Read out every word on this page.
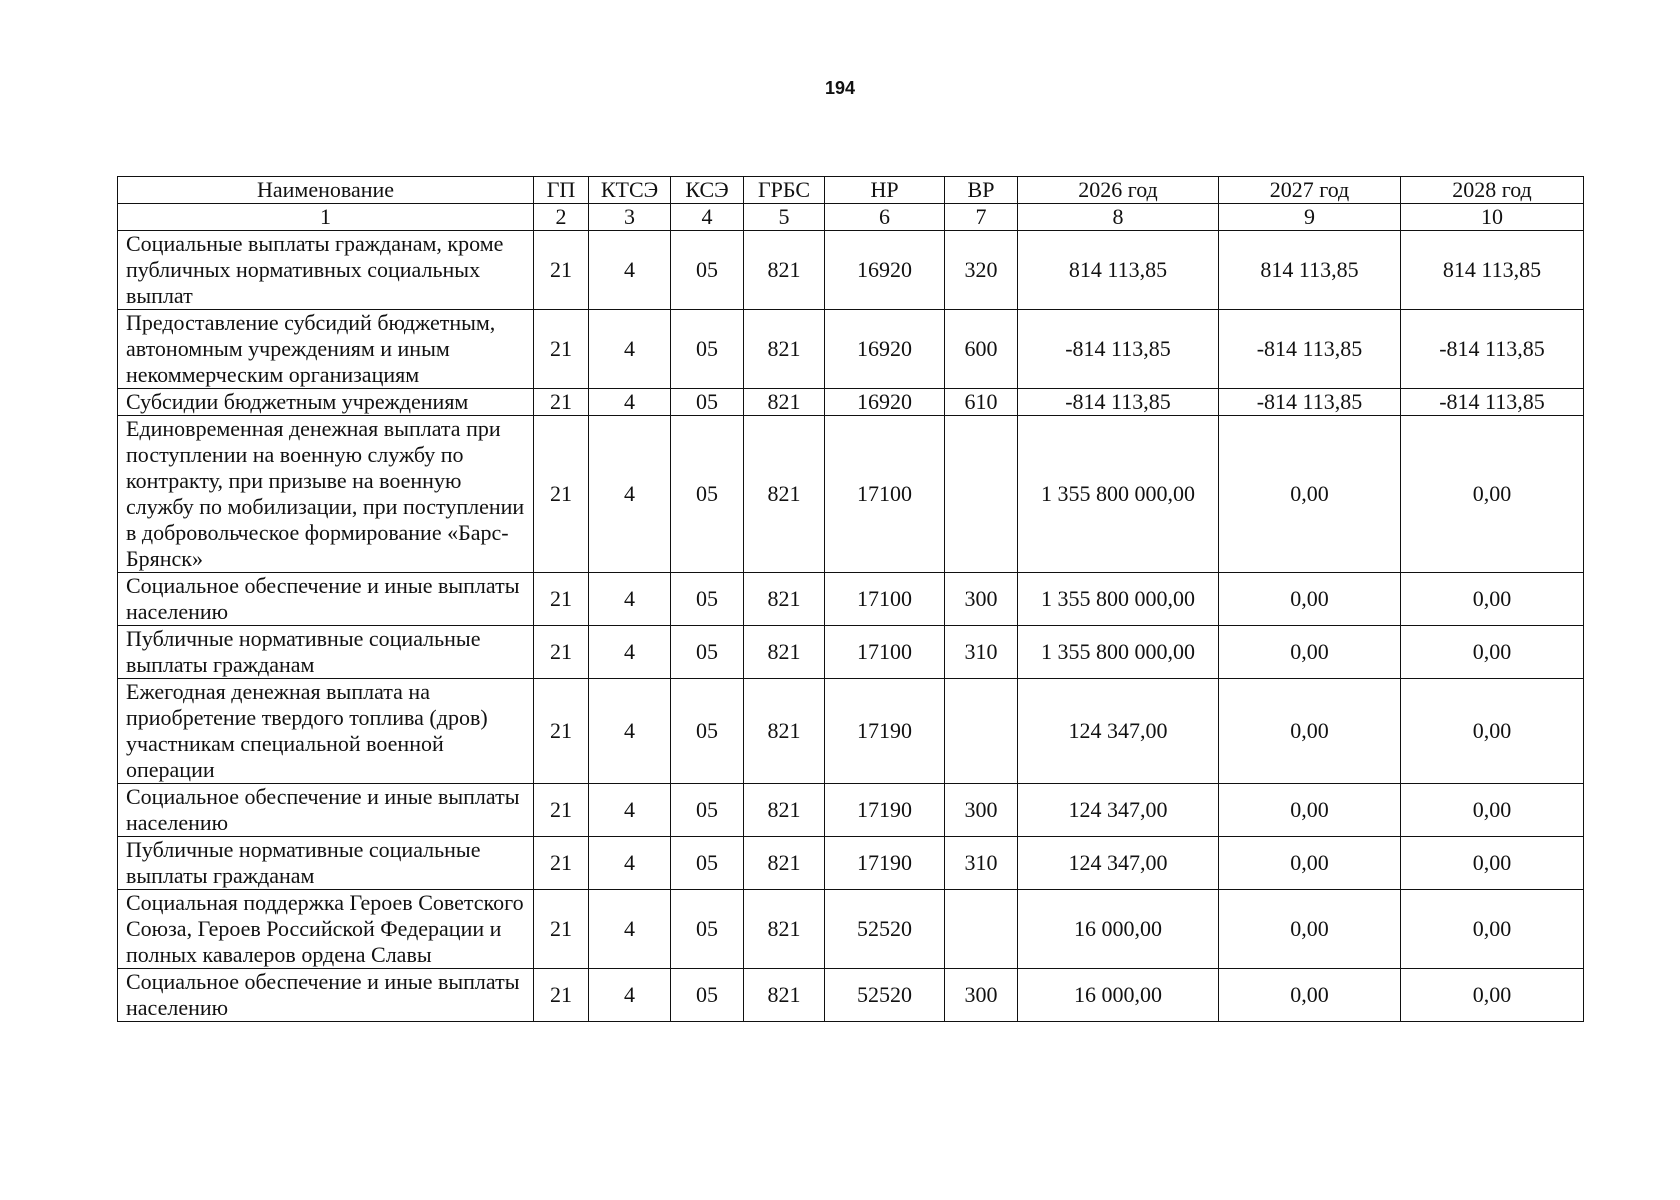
194
Наименование	ГП	КТСЭ	КСЭ	ГРБС	НР	ВР	2026 год	2027 год	2028 год
1	2	3	4	5	6	7	8	9	10
Социальные выплаты гражданам, кроме публичных нормативных социальных выплат	21	4	05	821	16920	320	814 113,85	814 113,85	814 113,85
Предоставление субсидий бюджетным, автономным учреждениям и иным некоммерческим организациям	21	4	05	821	16920	600	-814 113,85	-814 113,85	-814 113,85
Субсидии бюджетным учреждениям	21	4	05	821	16920	610	-814 113,85	-814 113,85	-814 113,85
Единовременная денежная выплата при поступлении на военную службу по контракту, при призыве на военную службу по мобилизации, при поступлении в добровольческое формирование «Барс-Брянск»	21	4	05	821	17100		1 355 800 000,00	0,00	0,00
Социальное обеспечение и иные выплаты населению	21	4	05	821	17100	300	1 355 800 000,00	0,00	0,00
Публичные нормативные социальные выплаты гражданам	21	4	05	821	17100	310	1 355 800 000,00	0,00	0,00
Ежегодная денежная выплата на приобретение твердого топлива (дров) участникам специальной военной операции	21	4	05	821	17190		124 347,00	0,00	0,00
Социальное обеспечение и иные выплаты населению	21	4	05	821	17190	300	124 347,00	0,00	0,00
Публичные нормативные социальные выплаты гражданам	21	4	05	821	17190	310	124 347,00	0,00	0,00
Социальная поддержка Героев Советского Союза, Героев Российской Федерации и полных кавалеров ордена Славы	21	4	05	821	52520		16 000,00	0,00	0,00
Социальное обеспечение и иные выплаты населению	21	4	05	821	52520	300	16 000,00	0,00	0,00
